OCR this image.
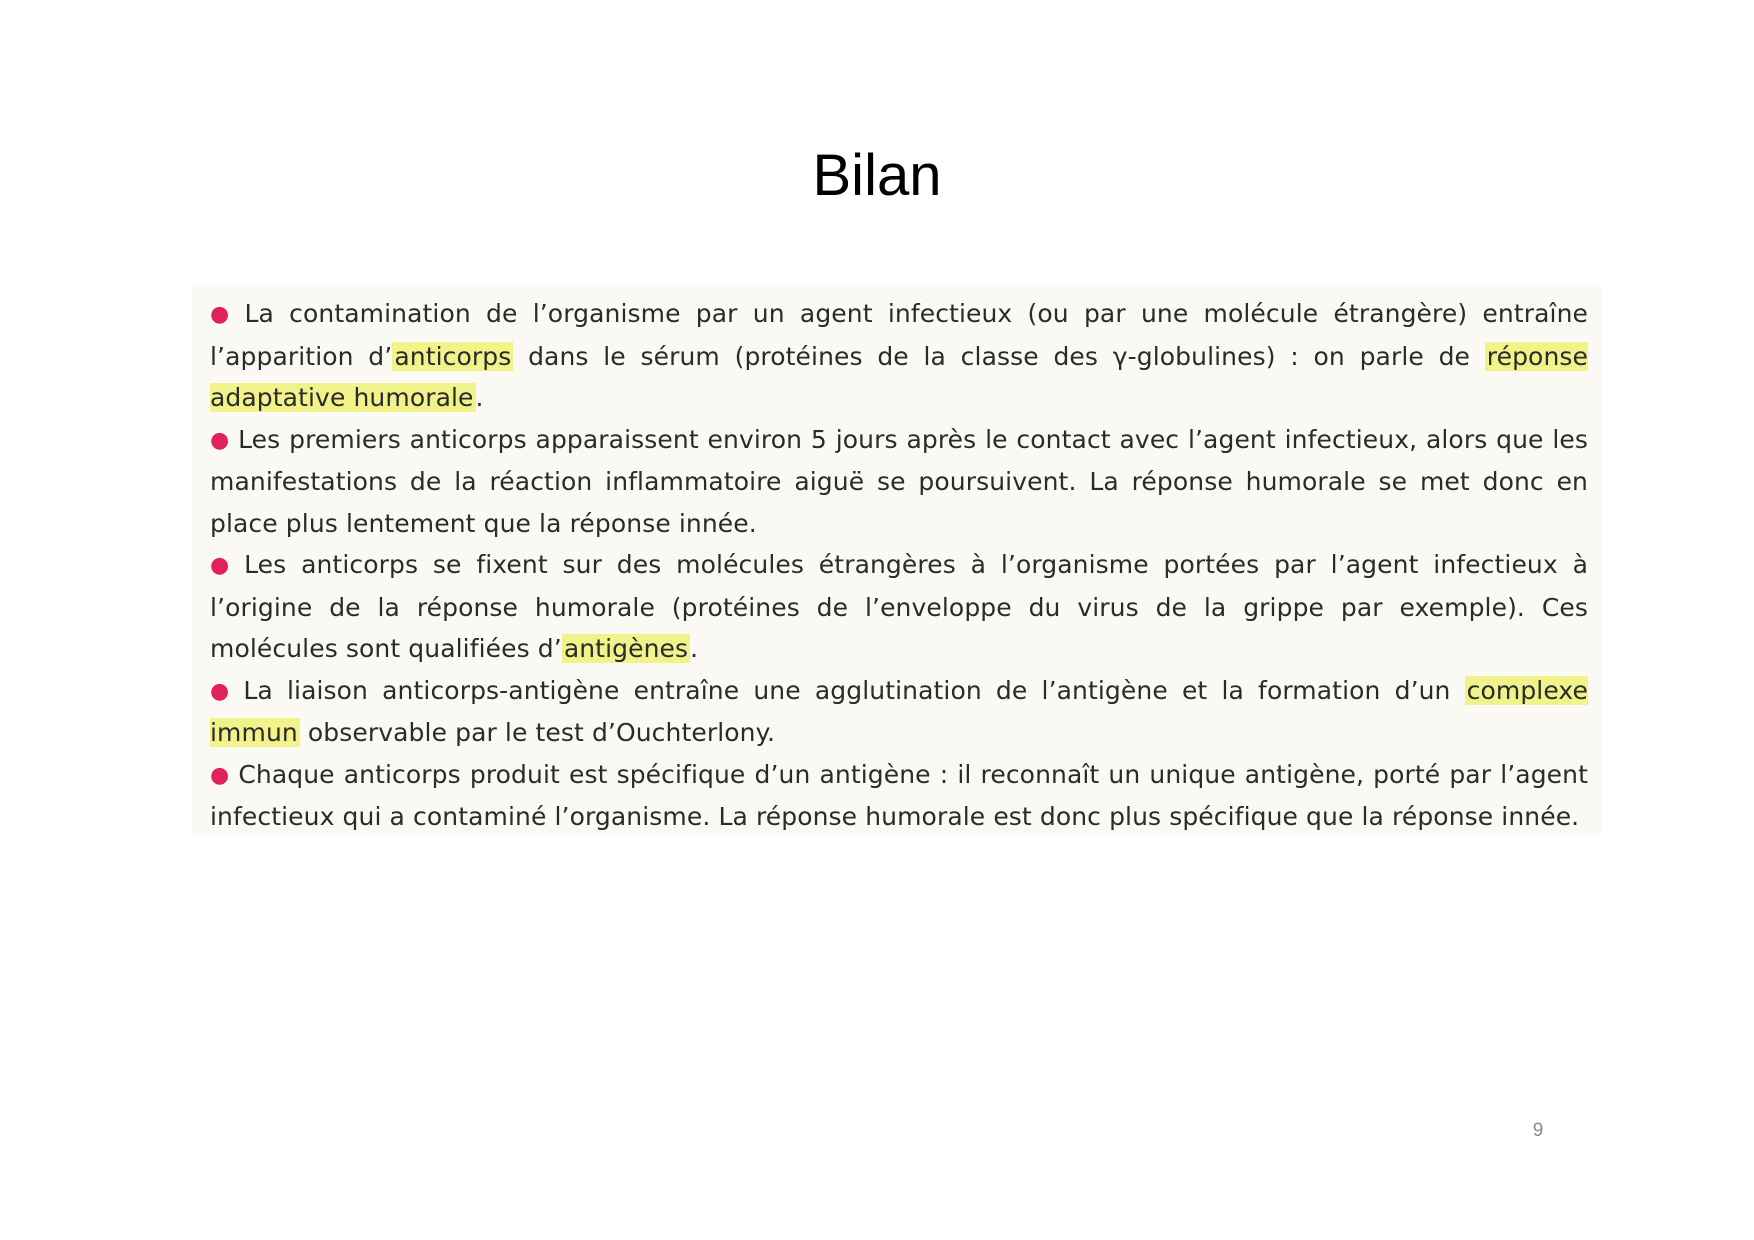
Bilan
● La contamination de l’organisme par un agent infectieux (ou par une molécule étrangère) entraîne l’apparition d’anticorps dans le sérum (protéines de la classe des γ-globulines) : on parle de réponse adaptative humorale.
● Les premiers anticorps apparaissent environ 5 jours après le contact avec l’agent infectieux, alors que les manifestations de la réaction inflammatoire aiguë se poursuivent. La réponse humorale se met donc en place plus lentement que la réponse innée.
● Les anticorps se fixent sur des molécules étrangères à l’organisme portées par l’agent infectieux à l’origine de la réponse humorale (protéines de l’enveloppe du virus de la grippe par exemple). Ces molécules sont qualifiées d’antigènes.
● La liaison anticorps-antigène entraîne une agglutination de l’antigène et la formation d’un complexe immun observable par le test d’Ouchterlony.
● Chaque anticorps produit est spécifique d’un antigène : il reconnaît un unique antigène, porté par l’agent infectieux qui a contaminé l’organisme. La réponse humorale est donc plus spécifique que la réponse innée.
9
